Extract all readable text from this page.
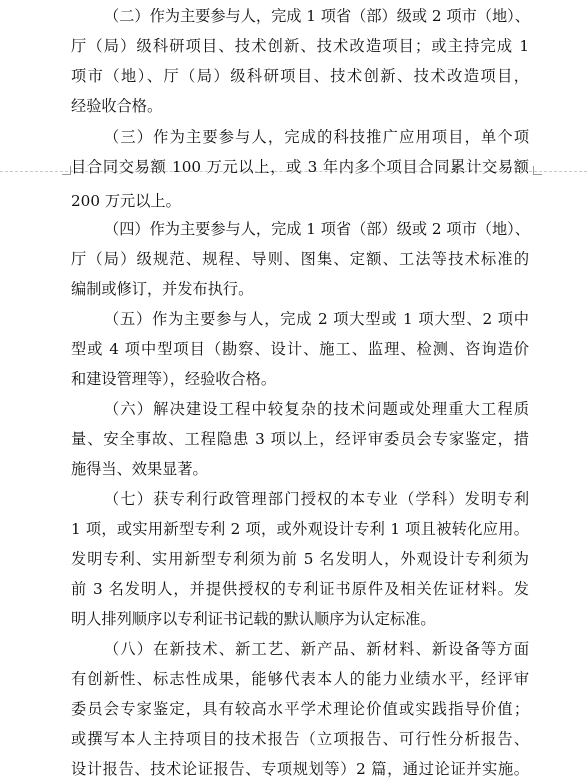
（二）作为主要参与人，完成 1 项省（部）级或 2 项市（地）、
厅（局）级科研项目、技术创新、技术改造项目；或主持完成 1
项市（地）、厅（局）级科研项目、技术创新、技术改造项目，
经验收合格。
（三）作为主要参与人，完成的科技推广应用项目，单个项
目合同交易额 100 万元以上，或 3 年内多个项目合同累计交易额
200 万元以上。
（四）作为主要参与人，完成 1 项省（部）级或 2 项市（地）、
厅（局）级规范、规程、导则、图集、定额、工法等技术标准的
编制或修订，并发布执行。
（五）作为主要参与人，完成 2 项大型或 1 项大型、2 项中
型或 4 项中型项目（勘察、设计、施工、监理、检测、咨询造价
和建设管理等），经验收合格。
（六）解决建设工程中较复杂的技术问题或处理重大工程质
量、安全事故、工程隐患 3 项以上，经评审委员会专家鉴定，措
施得当、效果显著。
（七）获专利行政管理部门授权的本专业（学科）发明专利
1 项，或实用新型专利 2 项，或外观设计专利 1 项且被转化应用。
发明专利、实用新型专利须为前 5 名发明人，外观设计专利须为
前 3 名发明人，并提供授权的专利证书原件及相关佐证材料。发
明人排列顺序以专利证书记载的默认顺序为认定标准。
（八）在新技术、新工艺、新产品、新材料、新设备等方面
有创新性、标志性成果，能够代表本人的能力业绩水平，经评审
委员会专家鉴定，具有较高水平学术理论价值或实践指导价值；
或撰写本人主持项目的技术报告（立项报告、可行性分析报告、
设计报告、技术论证报告、专项规划等）2 篇，通过论证并实施。
